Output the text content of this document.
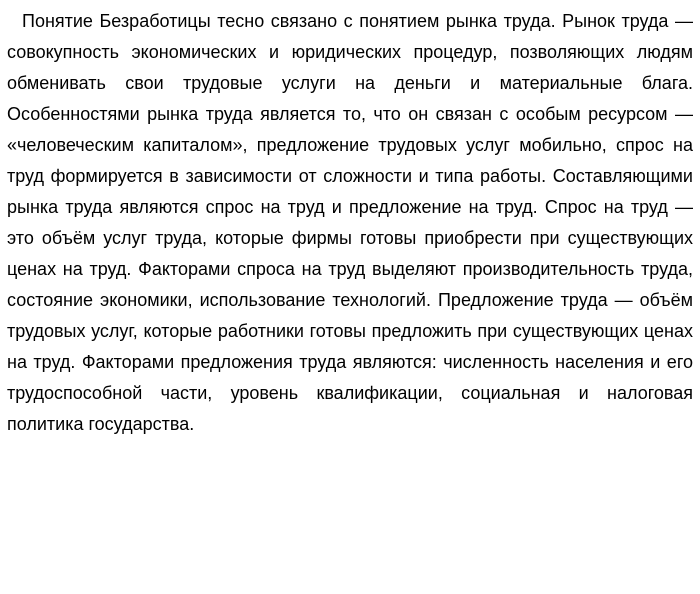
Понятие Безработицы тесно связано с понятием рынка труда. Рынок труда — совокупность экономических и юридических процедур, позволяющих людям обменивать свои трудовые услуги на деньги и материальные блага. Особенностями рынка труда является то, что он связан с особым ресурсом — «человеческим капиталом», предложение трудовых услуг мобильно, спрос на труд формируется в зависимости от сложности и типа работы. Составляющими рынка труда являются спрос на труд и предложение на труд. Спрос на труд — это объём услуг труда, которые фирмы готовы приобрести при существующих ценах на труд. Факторами спроса на труд выделяют производительность труда, состояние экономики, использование технологий. Предложение труда — объём трудовых услуг, которые работники готовы предложить при существующих ценах на труд. Факторами предложения труда являются: численность населения и его трудоспособной части, уровень квалификации, социальная и налоговая политика государства.
